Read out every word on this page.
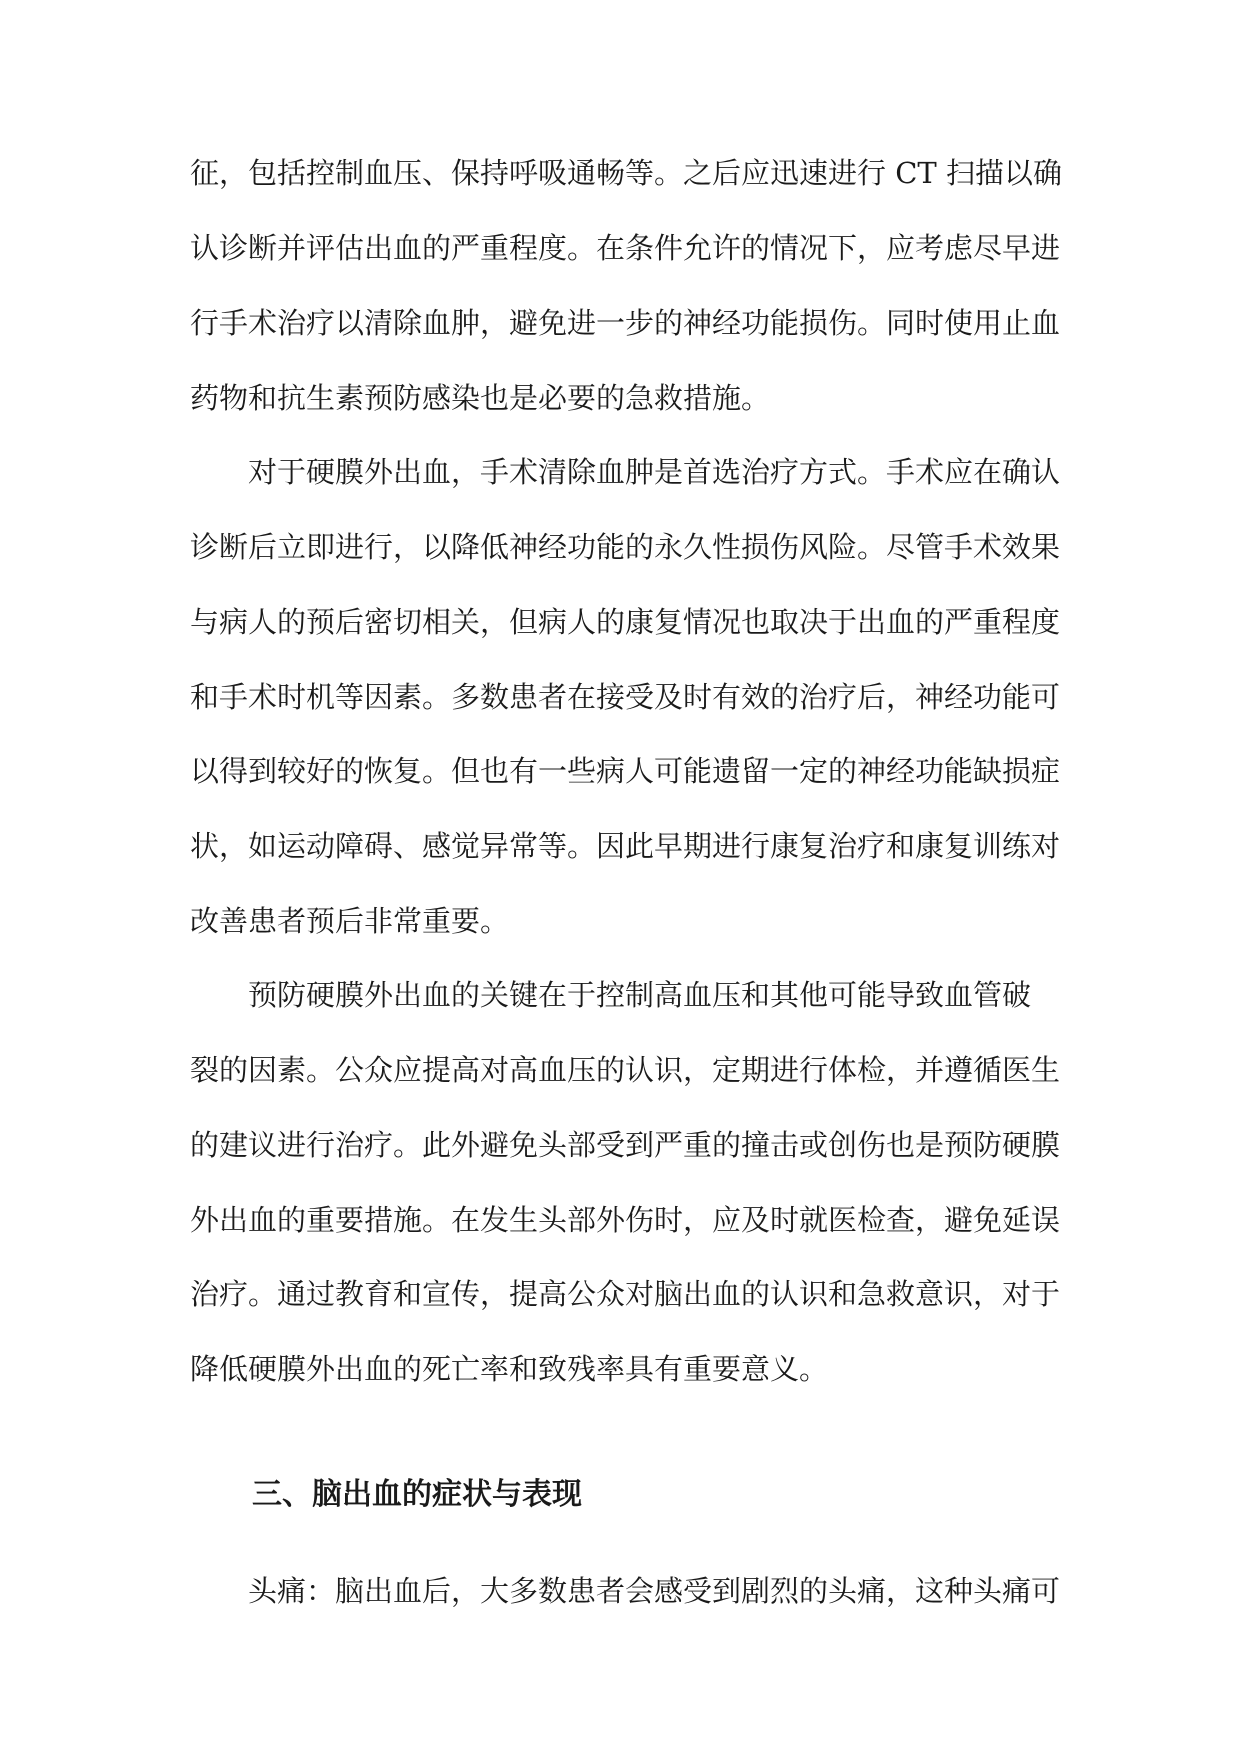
征，包括控制血压、保持呼吸通畅等。之后应迅速进行 CT 扫描以确
认诊断并评估出血的严重程度。在条件允许的情况下，应考虑尽早进
行手术治疗以清除血肿，避免进一步的神经功能损伤。同时使用止血
药物和抗生素预防感染也是必要的急救措施。
对于硬膜外出血，手术清除血肿是首选治疗方式。手术应在确认
诊断后立即进行，以降低神经功能的永久性损伤风险。尽管手术效果
与病人的预后密切相关，但病人的康复情况也取决于出血的严重程度
和手术时机等因素。多数患者在接受及时有效的治疗后，神经功能可
以得到较好的恢复。但也有一些病人可能遗留一定的神经功能缺损症
状，如运动障碍、感觉异常等。因此早期进行康复治疗和康复训练对
改善患者预后非常重要。
预防硬膜外出血的关键在于控制高血压和其他可能导致血管破
裂的因素。公众应提高对高血压的认识，定期进行体检，并遵循医生
的建议进行治疗。此外避免头部受到严重的撞击或创伤也是预防硬膜
外出血的重要措施。在发生头部外伤时，应及时就医检查，避免延误
治疗。通过教育和宣传，提高公众对脑出血的认识和急救意识，对于
降低硬膜外出血的死亡率和致残率具有重要意义。
三、脑出血的症状与表现
头痛：脑出血后，大多数患者会感受到剧烈的头痛，这种头痛可
